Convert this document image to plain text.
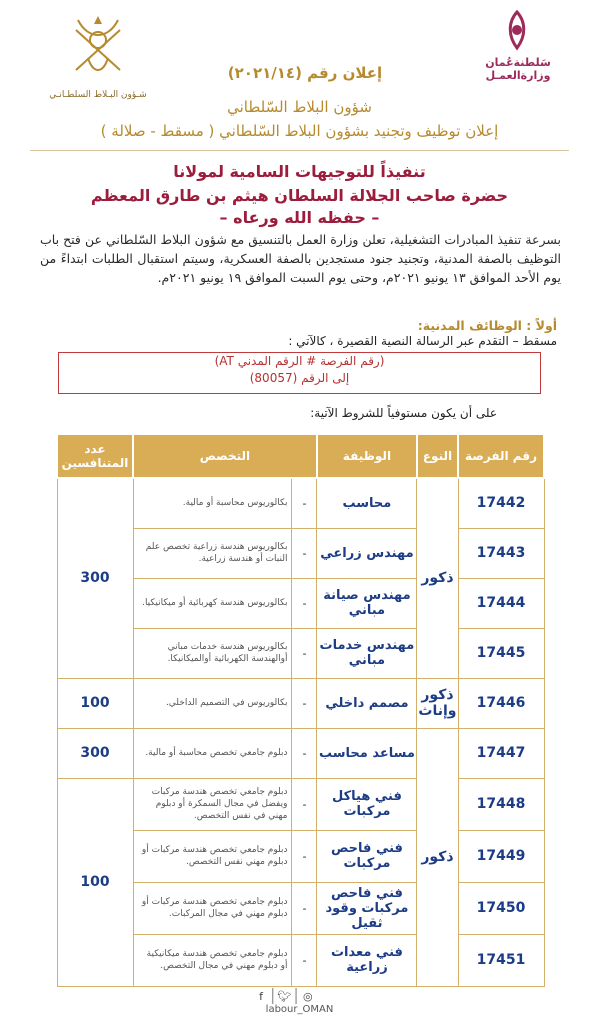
شـؤون البـلاط السلطـانـي
سَلطنةعُمان
وزارةالعمـل
إعلان رقم (٢٠٢١/١٤)
شؤون البلاط السّلطاني
إعلان توظيف وتجنيد بشؤون البلاط السّلطاني ( مسقط - صلالة )
تنفيذاً للتوجيهات السامية لمولانا
حضرة صاحب الجلالة السلطان هيثم بن طارق المعظم
– حفظه الله ورعاه –
بسرعة تنفيذ المبادرات التشغيلية، تعلن وزارة العمل بالتنسيق مع شؤون البلاط السّلطاني عن فتح باب التوظيف بالصفة المدنية، وتجنيد جنود مستجدين بالصفة العسكرية، وسيتم استقبال الطلبات ابتداءً من يوم الأحد الموافق ١٣ يونيو ٢٠٢١م، وحتى يوم السبت الموافق ١٩ يونيو ٢٠٢١م.
أولاً : الوظائف المدنية:
مسقط – التقدم عبر الرسالة النصية القصيرة ، كالآتي :
(رقم الفرصة # الرقم المدني AT)
إلى الرقم (80057)
على أن يكون مستوفياً للشروط الآتية:
رقم الفرصة	النوع	الوظيفة	التخصص		عدد المتنافسين
17442	ذكور	محاسب	-	بكالوريوس محاسبة أو مالية.	300
17443		مهندس زراعي	-	بكالوريوس هندسة زراعية تخصص علم النبات أو هندسة زراعية.	
17444		مهندس صيانة مباني	-	بكالوريوس هندسة كهربائية أو ميكانيكيا.	
17445		مهندس خدمات مباني	-	بكالوريوس هندسة خدمات مباني أوالهندسة الكهربائية أوالميكانيكا.	
17446	ذكور وإناث	مصمم داخلي	-	بكالوريوس في التصميم الداخلي.	100
17447	ذكور	مساعد محاسب	-	دبلوم جامعي تخصص محاسبة أو مالية.	300
17448		فني هياكل مركبات	-	دبلوم جامعي تخصص هندسة مركبات ويفضل في مجال السمكرة أو دبلوم مهني في نفس التخصص.	100
17449		فني فاحص مركبات	-	دبلوم جامعي تخصص هندسة مركبات أو دبلوم مهني نفس التخصص.	
17450		فني فاحص مركبات وقود ثقيل	-	دبلوم جامعي تخصص هندسة مركبات أو دبلوم مهني في مجال المركبات.	
17451		فني معدات زراعية	-	دبلوم جامعي تخصص هندسة ميكانيكية أو دبلوم مهني في مجال التخصص.	
f | 🐦︎ | ◎
labour_OMAN
